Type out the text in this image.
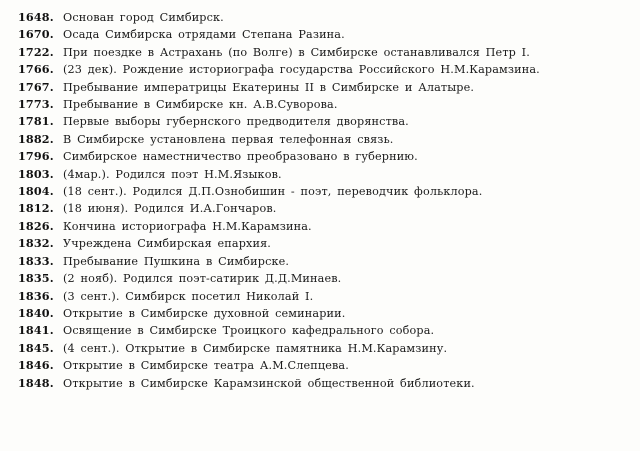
1648. Основан город Симбирск.
1670. Осада Симбирска отрядами Степана Разина.
1722. При поездке в Астрахань (по Волге) в Симбирске останавливался Петр I.
1766. (23 дек). Рождение историографа государства Российского Н.М.Карамзина.
1767. Пребывание императрицы Екатерины II в Симбирске и Алатыре.
1773. Пребывание в Симбирске кн. А.В.Суворова.
1781. Первые выборы губернского предводителя дворянства.
1882. В Симбирске установлена первая телефонная связь.
1796. Симбирское наместничество преобразовано в губернию.
1803. (4мар.). Родился поэт Н.М.Языков.
1804. (18 сент.). Родился Д.П.Ознобишин - поэт, переводчик фольклора.
1812. (18 июня). Родился И.А.Гончаров.
1826. Кончина историографа Н.М.Карамзина.
1832. Учреждена Симбирская епархия.
1833. Пребывание Пушкина в Симбирске.
1835. (2 нояб). Родился поэт-сатирик Д.Д.Минаев.
1836. (3 сент.). Симбирск посетил Николай I.
1840. Открытие в Симбирске духовной семинарии.
1841. Освящение в Симбирске Троицкого кафедрального собора.
1845. (4 сент.). Открытие в Симбирске памятника Н.М.Карамзину.
1846. Открытие в Симбирске театра А.М.Слепцева.
1848. Открытие в Симбирске Карамзинской общественной библиотеки.
